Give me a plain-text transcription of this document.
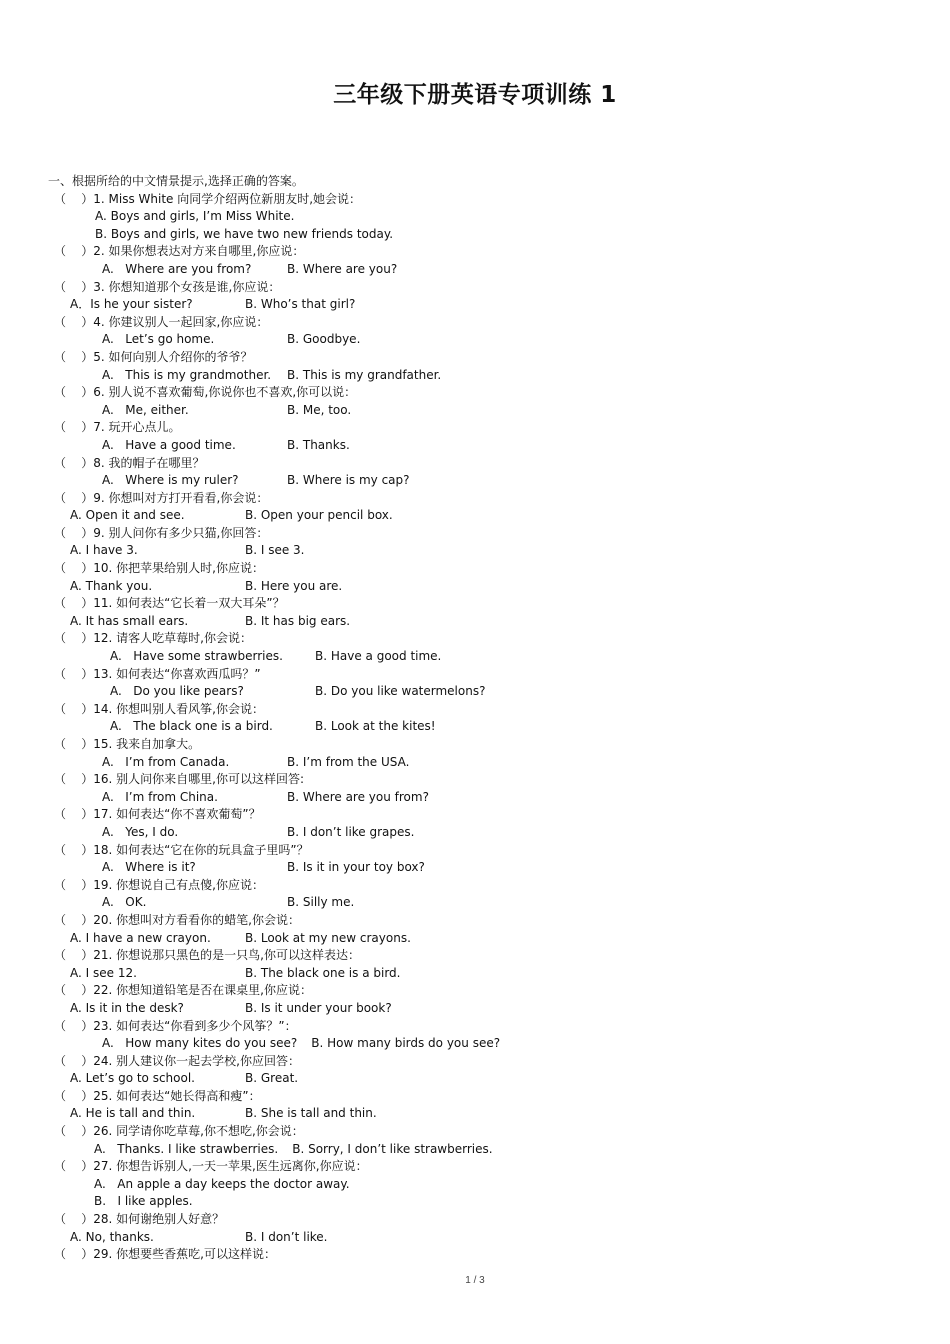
三年级下册英语专项训练 1
一、根据所给的中文情景提示,选择正确的答案。
（    ）1. Miss White 向同学介绍两位新朋友时,她会说：
A. Boys and girls, I’m Miss White.
B. Boys and girls, we have two new friends today.
（    ）2. 如果你想表达对方来自哪里,你应说：
A.   Where are you from?	B. Where are you?
（    ）3. 你想知道那个女孩是谁,你应说：
A．Is he your sister?	B. Who’s that girl?
（    ）4. 你建议别人一起回家,你应说：
A.   Let’s go home.	B. Goodbye.
（    ）5. 如何向别人介绍你的爷爷？
A.   This is my grandmother. B. This is my grandfather.
（    ）6. 别人说不喜欢葡萄,你说你也不喜欢,你可以说：
A.   Me, either.	B. Me, too.
（    ）7. 玩开心点儿。
A.   Have a good time.	B. Thanks.
（    ）8. 我的帽子在哪里？
A.   Where is my ruler?	B. Where is my cap?
（    ）9. 你想叫对方打开看看,你会说：
A. Open it and see.	B. Open your pencil box.
（    ）9. 别人问你有多少只猫,你回答：
A. I have 3.	B. I see 3.
（    ）10. 你把苹果给别人时,你应说：
A. Thank you.	B. Here you are.
（    ）11. 如何表达“它长着一双大耳朵”？
A. It has small ears.	B. It has big ears.
（    ）12. 请客人吃草莓时,你会说：
A.   Have some strawberries.	B. Have a good time.
（    ）13. 如何表达“你喜欢西瓜吗？”
A.   Do you like pears?	B. Do you like watermelons?
（    ）14. 你想叫别人看风筝,你会说：
A.   The black one is a bird.	B. Look at the kites!
（    ）15. 我来自加拿大。
A.   I’m from Canada.	B. I’m from the USA.
（    ）16. 别人问你来自哪里,你可以这样回答:
A.   I’m from China.	B. Where are you from?
（    ）17. 如何表达“你不喜欢葡萄”？
A.   Yes, I do.	B. I don’t like grapes.
（    ）18. 如何表达“它在你的玩具盒子里吗”？
A.   Where is it?	B. Is it in your toy box?
（    ）19. 你想说自己有点傻,你应说：
A.   OK.	B. Silly me.
（    ）20. 你想叫对方看看你的蜡笔,你会说：
A. I have a new crayon.	B. Look at my new crayons.
（    ）21. 你想说那只黑色的是一只鸟,你可以这样表达：
A. I see 12.	B. The black one is a bird.
（    ）22. 你想知道铅笔是否在课桌里,你应说：
A. Is it in the desk?	B. Is it under your book?
（    ）23. 如何表达“你看到多少个风筝？”：
A.   How many kites do you see? B. How many birds do you see?
（    ）24. 别人建议你一起去学校,你应回答：
A. Let’s go to school.	B. Great.
（    ）25. 如何表达“她长得高和瘦”：
A. He is tall and thin.	B. She is tall and thin.
（    ）26. 同学请你吃草莓,你不想吃,你会说：
A.   Thanks. I like strawberries. B. Sorry, I don’t like strawberries.
（    ）27. 你想告诉别人,一天一苹果,医生远离你,你应说：
A.   An apple a day keeps the doctor away.
B.   I like apples.
（    ）28. 如何谢绝别人好意？
A. No, thanks.	B. I don’t like.
（    ）29. 你想要些香蕉吃,可以这样说：
1 / 3
